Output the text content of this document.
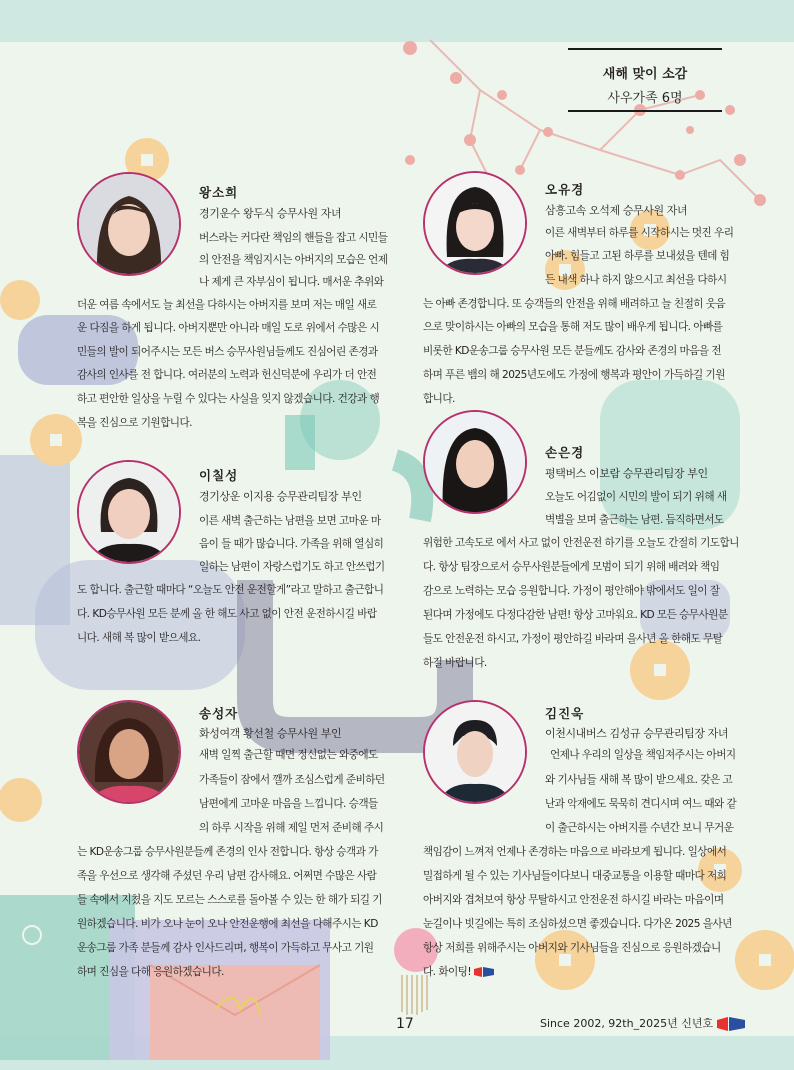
새해 맞이 소감
사우가족 6명
왕소희
경기운수 왕두식 승무사원 자녀
버스라는 커다란 책임의 핸들을 잡고 시민들
의 안전을 책임지시는 아버지의 모습은 언제
나 제게 큰 자부심이 됩니다. 매서운 추위와
더운 여름 속에서도 늘 최선을 다하시는 아버지를 보며 저는 매일 새로
운 다짐을 하게 됩니다. 아버지뿐만 아니라 매일 도로 위에서 수많은 시
민들의 발이 되어주시는 모든 버스 승무사원님들께도 진심어린 존경과
감사의 인사를 전 합니다. 여러분의 노력과 헌신덕분에 우리가 더 안전
하고 편안한 일상을 누릴 수 있다는 사실을 잊지 않겠습니다. 건강과 행
복을 진심으로 기원합니다.
이칠성
경기상운 이지용 승무관리팀장 부인
이른 새벽 출근하는 남편을 보면 고마운 마
음이 들 때가 많습니다. 가족을 위해 열심히
일하는 남편이 자랑스럽기도 하고 안쓰럽기
도 합니다. 출근할 때마다 “오늘도 안전 운전할게”라고 말하고 출근합니
다. KD승무사원 모든 분께 올 한 해도 사고 없이 안전 운전하시길 바랍
니다. 새해 복 많이 받으세요.
송성자
화성여객 황선철 승무사원 부인
새벽 일찍 출근할 때면 정신없는 와중에도
가족들이 잠에서 깰까 조심스럽게 준비하던
남편에게 고마운 마음을 느낍니다. 승객들
의 하루 시작을 위해 제일 먼저 준비해 주시
는 KD운송그룹 승무사원분들께 존경의 인사 전합니다. 항상 승객과 가
족을 우선으로 생각해 주셨던 우리 남편 감사해요. 어쩌면 수많은 사람
들 속에서 지쳤을 지도 모르는 스스로를 돌아볼 수 있는 한 해가 되길 기
원하겠습니다. 비가 오나 눈이 오나 안전운행에 최선을 다해주시는 KD
운송그룹 가족 분들께 감사 인사드리며, 행복이 가득하고 무사고 기원
하며 진심을 다해 응원하겠습니다.
오유경
삼흥고속 오석제 승무사원 자녀
이른 새벽부터 하루를 시작하시는 멋진 우리
아빠. 힘들고 고된 하루를 보내셨을 텐데 힘
든 내색 하나 하지 않으시고 최선을 다하시
는 아빠 존경합니다. 또 승객들의 안전을 위해 배려하고 늘 친절히 웃음
으로 맞이하시는 아빠의 모습을 통해 저도 많이 배우게 됩니다. 아빠를
비롯한 KD운송그룹 승무사원 모든 분들께도 감사와 존경의 마음을 전
하며 푸른 뱀의 해 2025년도에도 가정에 행복과 평안이 가득하길 기원
합니다.
손은경
평택버스 이보람 승무관리팀장 부인
오늘도 어김없이 시민의 발이 되기 위해 새
벽별을 보며 출근하는 남편. 듬직하면서도
위험한 고속도로 에서 사고 없이 안전운전 하기를 오늘도 간절히 기도합니
다. 항상 팀장으로서 승무사원분들에게 모범이 되기 위해 배려와 책임
감으로 노력하는 모습 응원합니다. 가정이 평안해야 밖에서도 일이 잘
된다며 가정에도 다정다감한 남편! 항상 고마워요. KD 모든 승무사원분
들도 안전운전 하시고, 가정이 평안하길 바라며 을사년 올 한해도 무탈
하길 바랍니다.
김진욱
이천시내버스 김성규 승무관리팀장 자녀
언제나 우리의 일상을 책임져주시는 아버지
와 기사님들 새해 복 많이 받으세요. 갖은 고
난과 악재에도 묵묵히 견디시며 여느 때와 같
이 출근하시는 아버지를 수년간 보니 무거운
책임감이 느껴져 언제나 존경하는 마음으로 바라보게 됩니다. 일상에서
밀접하게 될 수 있는 기사님들이다보니 대중교통을 이용할 때마다 저희
아버지와 겹쳐보여 항상 무탈하시고 안전운전 하시길 바라는 마음이며
눈길이나 빗길에는 특히 조심하셨으면 좋겠습니다. 다가온 2025 을사년
항상 저희를 위해주시는 아버지와 기사님들을 진심으로 응원하겠습니
다. 화이팅!
17	Since 2002, 92th_2025년 신년호
